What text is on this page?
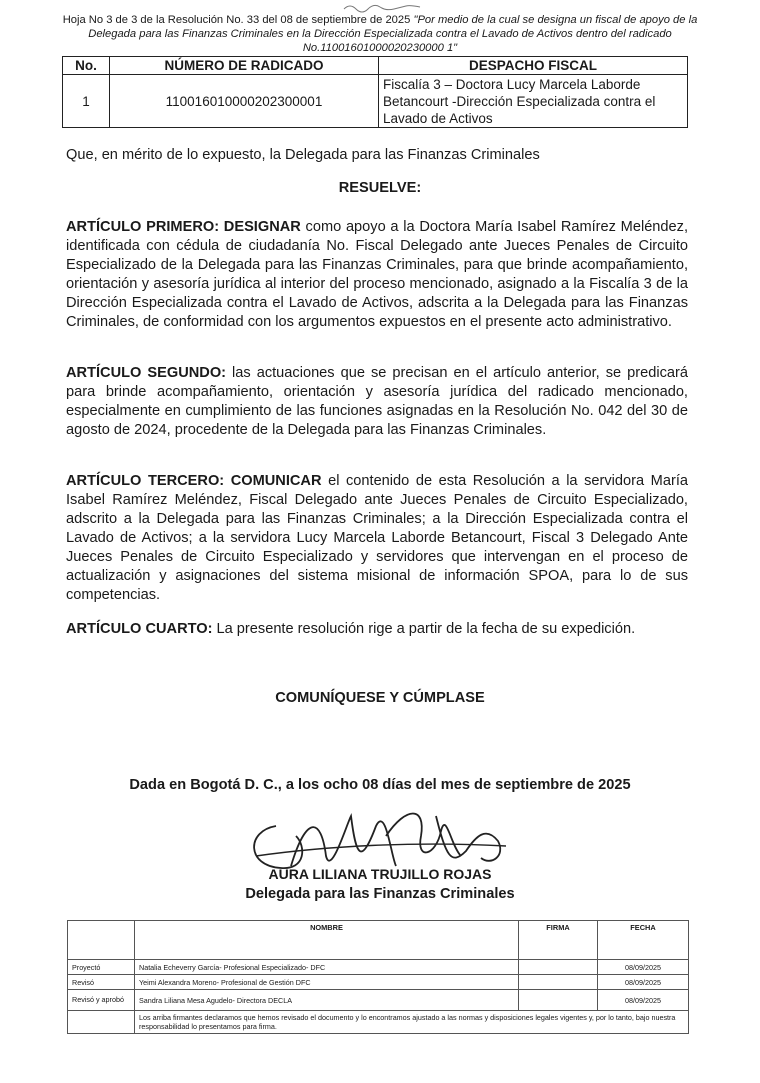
Hoja No 3 de 3 de la Resolución No. 33 del 08 de septiembre de 2025 "Por medio de la cual se designa un fiscal de apoyo de la Delegada para las Finanzas Criminales en la Dirección Especializada contra el Lavado de Activos dentro del radicado No.11001601000020230000 1"
No.	NÚMERO DE RADICADO	DESPACHO FISCAL
1	110016010000202300001	Fiscalía 3 – Doctora Lucy Marcela Laborde Betancourt -Dirección Especializada contra el Lavado de Activos
Que, en mérito de lo expuesto, la Delegada para las Finanzas Criminales
RESUELVE:
ARTÍCULO PRIMERO: DESIGNAR como apoyo a la Doctora María Isabel Ramírez Meléndez, identificada con cédula de ciudadanía No. Fiscal Delegado ante Jueces Penales de Circuito Especializado de la Delegada para las Finanzas Criminales, para que brinde acompañamiento, orientación y asesoría jurídica al interior del proceso mencionado, asignado a la Fiscalía 3 de la Dirección Especializada contra el Lavado de Activos, adscrita a la Delegada para las Finanzas Criminales, de conformidad con los argumentos expuestos en el presente acto administrativo.
ARTÍCULO SEGUNDO: las actuaciones que se precisan en el artículo anterior, se predicará para brinde acompañamiento, orientación y asesoría jurídica del radicado mencionado, especialmente en cumplimiento de las funciones asignadas en la Resolución No. 042 del 30 de agosto de 2024, procedente de la Delegada para las Finanzas Criminales.
ARTÍCULO TERCERO: COMUNICAR el contenido de esta Resolución a la servidora María Isabel Ramírez Meléndez, Fiscal Delegado ante Jueces Penales de Circuito Especializado, adscrito a la Delegada para las Finanzas Criminales; a la Dirección Especializada contra el Lavado de Activos; a la servidora Lucy Marcela Laborde Betancourt, Fiscal 3 Delegado Ante Jueces Penales de Circuito Especializado y servidores que intervengan en el proceso de actualización y asignaciones del sistema misional de información SPOA, para lo de sus competencias.
ARTÍCULO CUARTO: La presente resolución rige a partir de la fecha de su expedición.
COMUNÍQUESE Y CÚMPLASE
Dada en Bogotá D. C., a los ocho 08 días del mes de septiembre de 2025
AURA LILIANA TRUJILLO ROJAS
Delegada para las Finanzas Criminales
	NOMBRE	FIRMA	FECHA
Proyectó	Natalia Echeverry García- Profesional Especializado- DFC		08/09/2025
Revisó	Yeimi Alexandra Moreno- Profesional de Gestión DFC		08/09/2025
Revisó y aprobó	Sandra Liliana Mesa Agudelo- Directora DECLA		08/09/2025
	Los arriba firmantes declaramos que hemos revisado el documento y lo encontramos ajustado a las normas y disposiciones legales vigentes y, por lo tanto, bajo nuestra responsabilidad lo presentamos para firma.		
